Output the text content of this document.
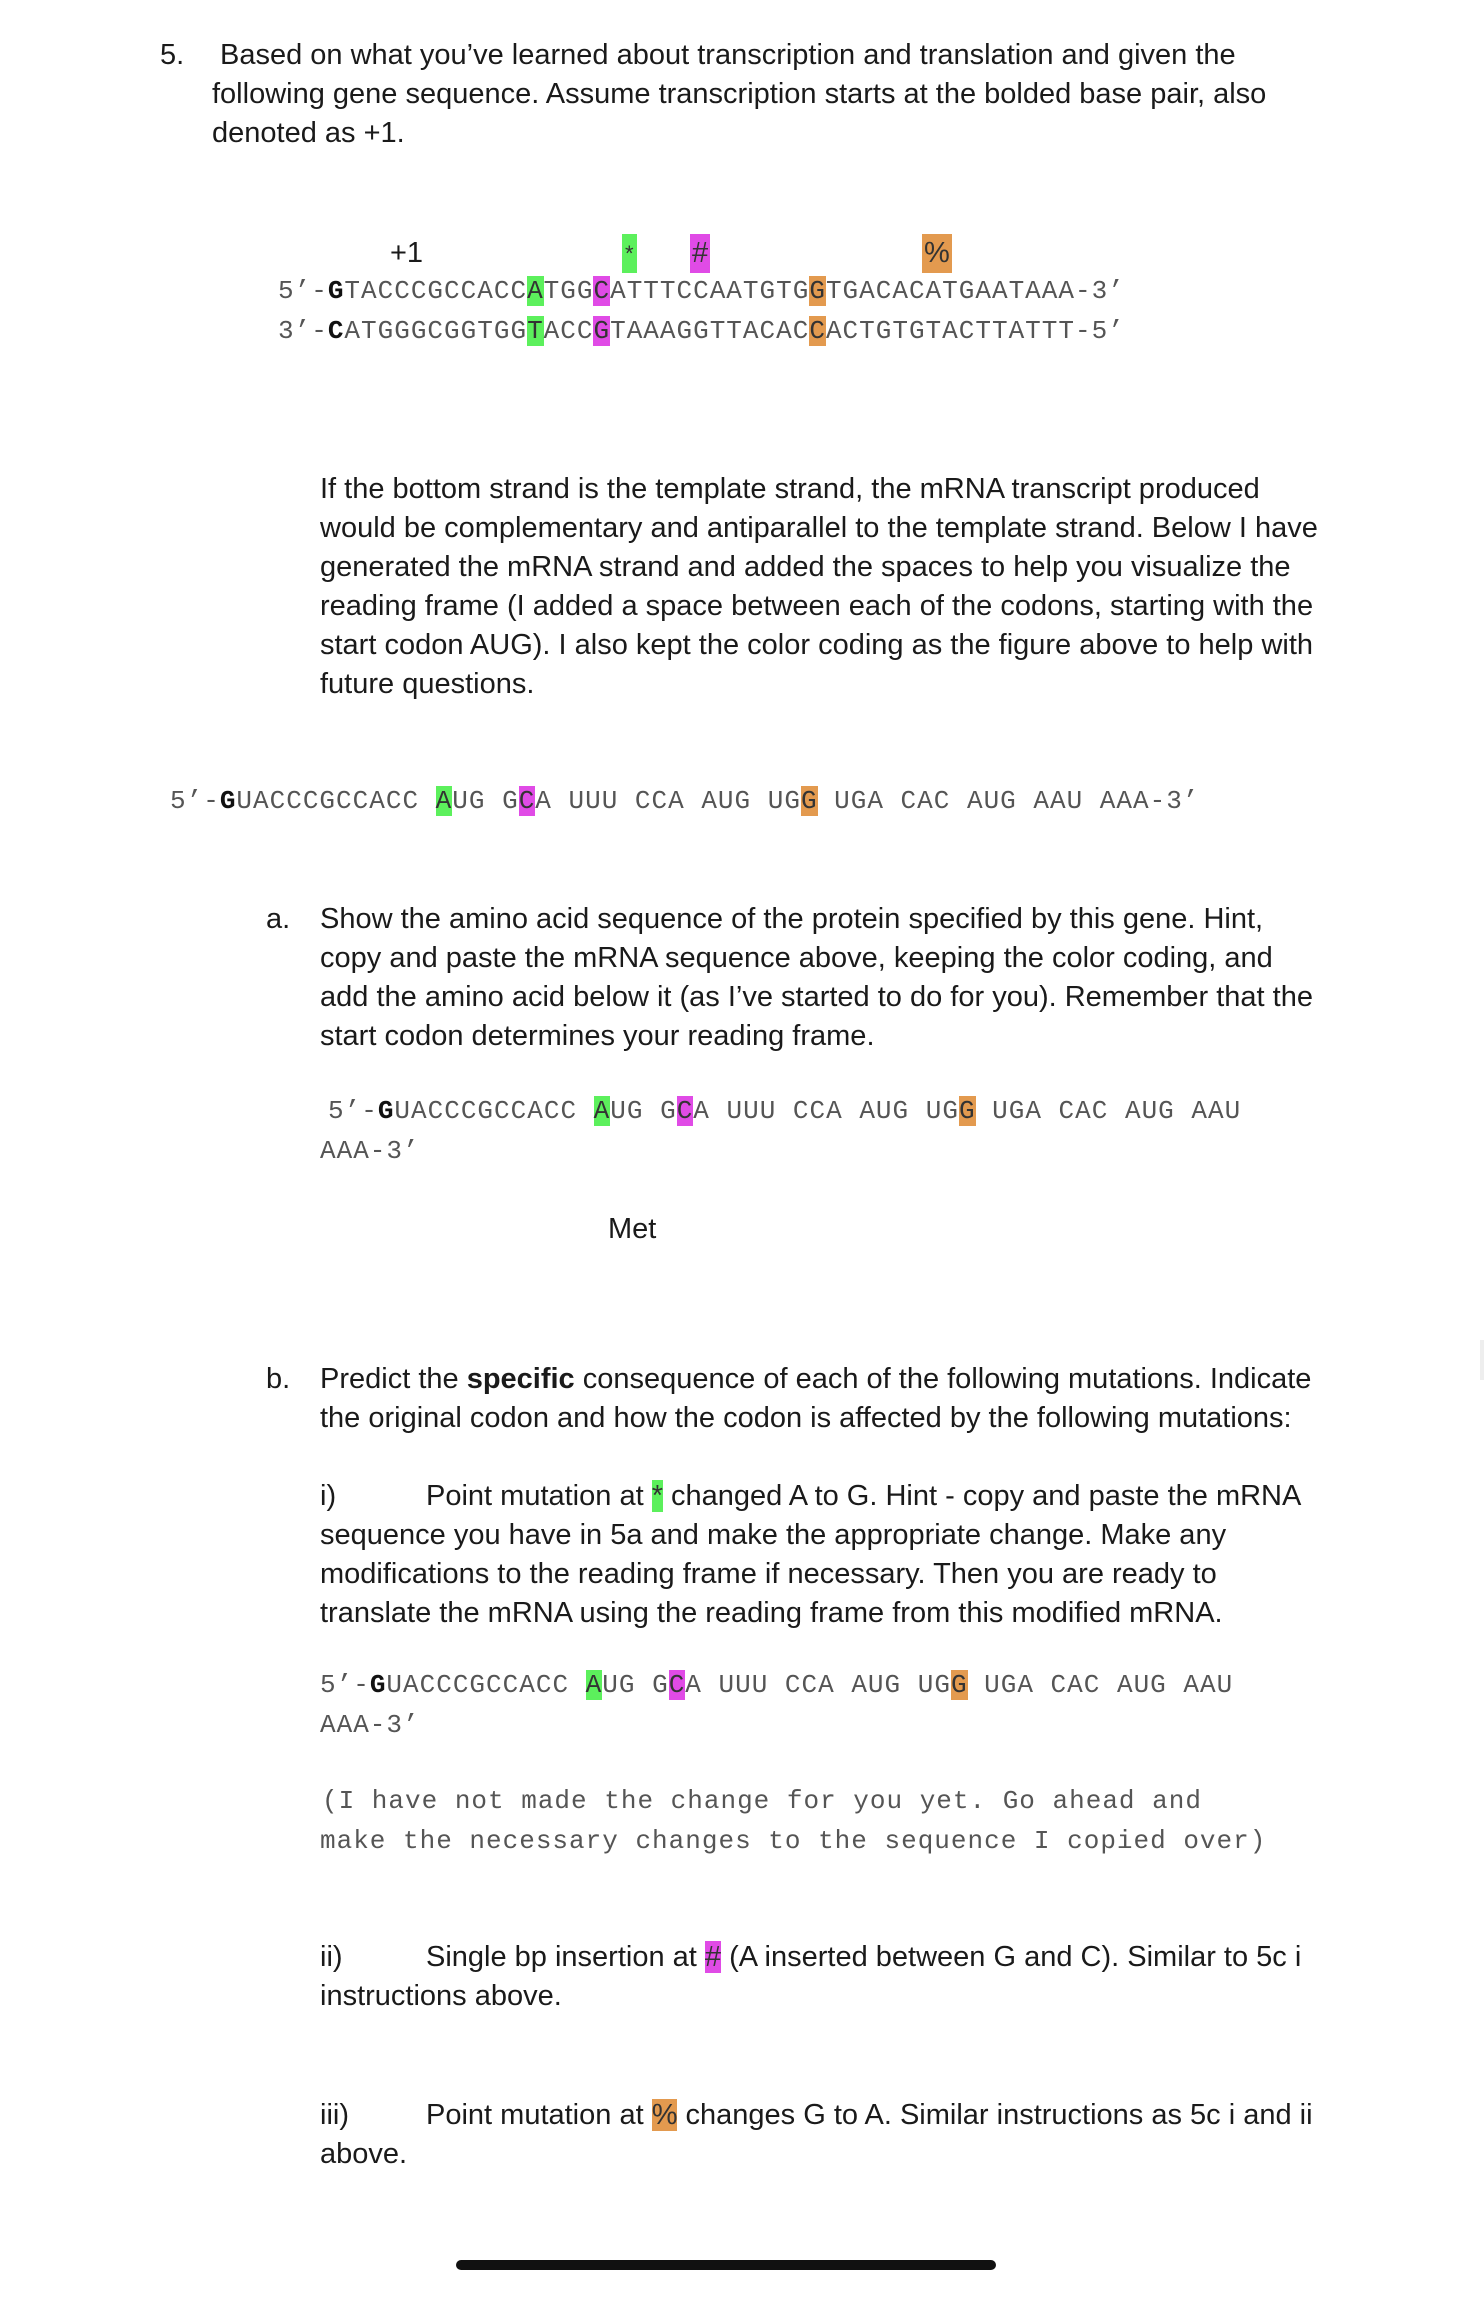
5. Based on what you’ve learned about transcription and translation and given the
following gene sequence. Assume transcription starts at the bolded base pair, also
denoted as +1.
+1	* #	%
5’-GTACCCGCCACCATGGCATTTCCAATGTGGTGACACATGAATAAA-3’
3’-CATGGGCGGTGGTACCGTAAAGGTTACACCACTGTGTACTTATTT-5’
If the bottom strand is the template strand, the mRNA transcript produced
would be complementary and antiparallel to the template strand. Below I have
generated the mRNA strand and added the spaces to help you visualize the
reading frame (I added a space between each of the codons, starting with the
start codon AUG). I also kept the color coding as the figure above to help with
future questions.
5’-GUACCCGCCACC AUG GCA UUU CCA AUG UGG UGA CAC AUG AAU AAA-3’
a. Show the amino acid sequence of the protein specified by this gene. Hint,
copy and paste the mRNA sequence above, keeping the color coding, and
add the amino acid below it (as I’ve started to do for you). Remember that the
start codon determines your reading frame.
5’-GUACCCGCCACC AUG GCA UUU CCA AUG UGG UGA CAC AUG AAU
AAA-3’
Met
b. Predict the specific consequence of each of the following mutations. Indicate
the original codon and how the codon is affected by the following mutations:
i)	Point mutation at * changed A to G. Hint - copy and paste the mRNA
sequence you have in 5a and make the appropriate change. Make any
modifications to the reading frame if necessary. Then you are ready to
translate the mRNA using the reading frame from this modified mRNA.
5’-GUACCCGCCACC AUG GCA UUU CCA AUG UGG UGA CAC AUG AAU
AAA-3’
(I have not made the change for you yet. Go ahead and
make the necessary changes to the sequence I copied over)
ii)	Single bp insertion at # (A inserted between G and C). Similar to 5c i
instructions above.
iii)	Point mutation at % changes G to A. Similar instructions as 5c i and ii
above.
